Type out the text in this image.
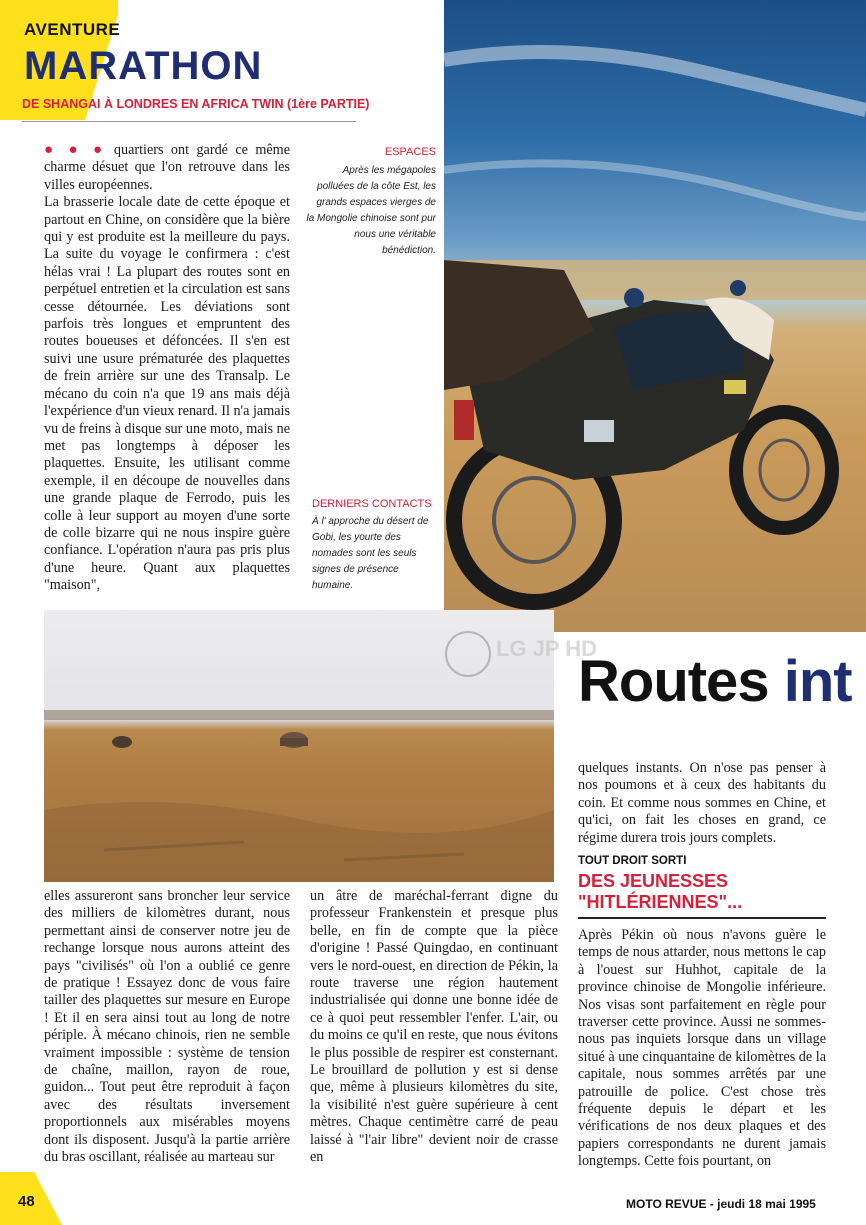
AVENTURE
MARATHON
DE SHANGAI À LONDRES EN AFRICA TWIN (1ère PARTIE)

● ● ● quartiers ont gardé ce même charme désuet que l'on retrouve dans les villes européennes.

La brasserie locale date de cette époque et partout en Chine, on considère que la bière qui y est produite est la meilleure du pays. La suite du voyage le confirmera : c'est hélas vrai ! La plupart des routes sont en perpétuel entretien et la circulation est sans cesse détournée. Les déviations sont parfois très longues et empruntent des routes boueuses et défoncées. Il s'en est suivi une usure prématurée des plaquettes de frein arrière sur une des Transalp. Le mécano du coin n'a que 19 ans mais déjà l'expérience d'un vieux renard. Il n'a jamais vu de freins à disque sur une moto, mais ne met pas longtemps à déposer les plaquettes. Ensuite, les utilisant comme exemple, il en découpe de nouvelles dans une grande plaque de Ferrodo, puis les colle à leur support au moyen d'une sorte de colle bizarre qui ne nous inspire guère confiance. L'opération n'aura pas pris plus d'une heure. Quant aux plaquettes "maison",

ESPACES
Après les mégapoles polluées de la côte Est, les grands espaces vierges de la Mongolie chinoise sont pur nous une véritable bénédiction.
DERNIERS CONTACTS
À l' approche du désert de Gobi, les yourte des nomades sont les seuls signes de présence humaine.
LG JP HD
Routes int
elles assureront sans broncher leur service des milliers de kilomètres durant, nous permettant ainsi de conserver notre jeu de rechange lorsque nous aurons atteint des pays "civilisés" où l'on a oublié ce genre de pratique ! Essayez donc de vous faire tailler des plaquettes sur mesure en Europe ! Et il en sera ainsi tout au long de notre périple. À mécano chinois, rien ne semble vraiment impossible : système de tension de chaîne, maillon, rayon de roue, guidon... Tout peut être reproduit à façon avec des résultats inversement proportionnels aux misérables moyens dont ils disposent. Jusqu'à la partie arrière du bras oscillant, réalisée au marteau sur
un âtre de maréchal-ferrant digne du professeur Frankenstein et presque plus belle, en fin de compte que la pièce d'origine ! Passé Quingdao, en continuant vers le nord-ouest, en direction de Pékin, la route traverse une région hautement industrialisée qui donne une bonne idée de ce à quoi peut ressembler l'enfer. L'air, ou du moins ce qu'il en reste, que nous évitons le plus possible de respirer est consternant. Le brouillard de pollution y est si dense que, même à plusieurs kilomètres du site, la visibilité n'est guère supérieure à cent mètres. Chaque centimètre carré de peau laissé à "l'air libre" devient noir de crasse en
quelques instants. On n'ose pas penser à nos poumons et à ceux des habitants du coin. Et comme nous sommes en Chine, et qu'ici, on fait les choses en grand, ce régime durera trois jours complets.
TOUT DROIT SORTI
DES JEUNESSES "HITLÉRIENNES"...
Après Pékin où nous n'avons guère le temps de nous attarder, nous mettons le cap à l'ouest sur Huhhot, capitale de la province chinoise de Mongolie inférieure. Nos visas sont parfaitement en règle pour traverser cette province. Aussi ne sommes-nous pas inquiets lorsque dans un village situé à une cinquantaine de kilomètres de la capitale, nous sommes arrêtés par une patrouille de police. C'est chose très fréquente depuis le départ et les vérifications de nos deux plaques et des papiers correspondants ne durent jamais longtemps. Cette fois pourtant, on
48	MOTO REVUE - jeudi 18 mai 1995
